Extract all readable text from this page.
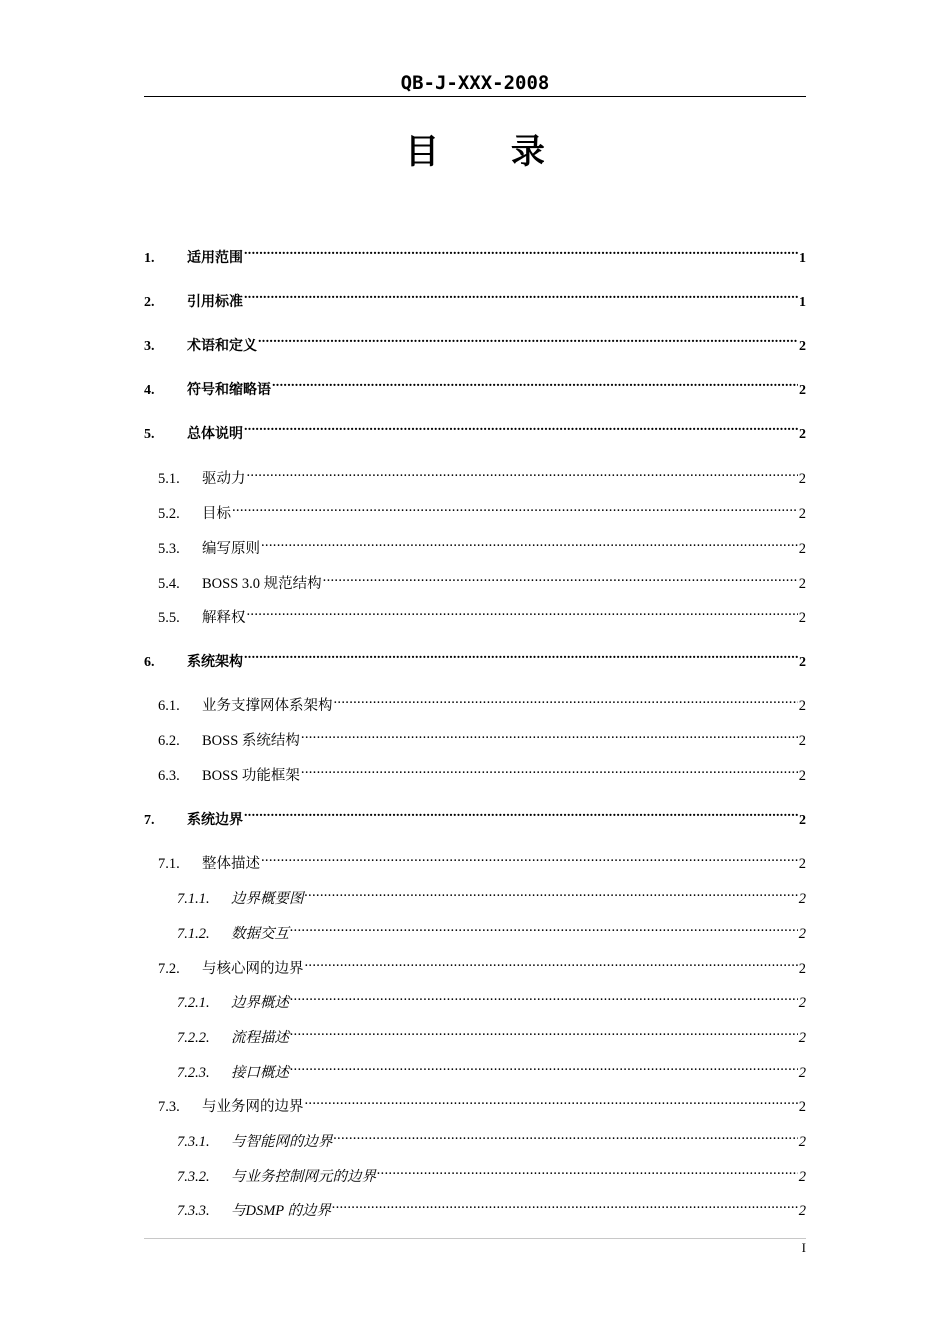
QB-J-XXX-2008
目 录
1.	适用范围 .....	1
2.	引用标准 .....	1
3.	术语和定义 .....	2
4.	符号和缩略语 .....	2
5.	总体说明 .....	2
5.1.	驱动力 .....	2
5.2.	目标 .....	2
5.3.	编写原则 .....	2
5.4.	BOSS 3.0 规范结构 .....	2
5.5.	解释权 .....	2
6.	系统架构 .....	2
6.1.	业务支撑网体系架构 .....	2
6.2.	BOSS 系统结构 .....	2
6.3.	BOSS 功能框架 .....	2
7.	系统边界 .....	2
7.1.	整体描述 .....	2
7.1.1.	边界概要图 .....	2
7.1.2.	数据交互 .....	2
7.2.	与核心网的边界 .....	2
7.2.1.	边界概述 .....	2
7.2.2.	流程描述 .....	2
7.2.3.	接口概述 .....	2
7.3.	与业务网的边界 .....	2
7.3.1.	与智能网的边界 .....	2
7.3.2.	与业务控制网元的边界 .....	2
7.3.3.	与DSMP 的边界 .....	2
I
